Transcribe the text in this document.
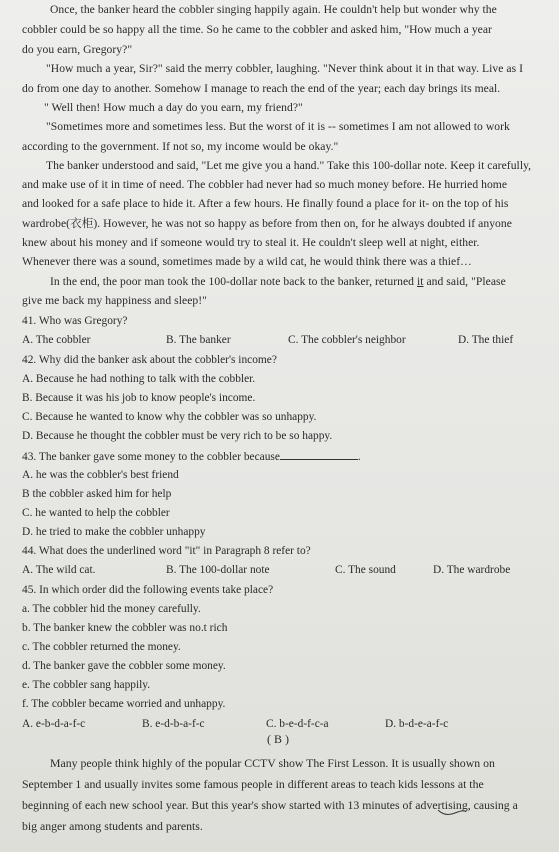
Once, the banker heard the cobbler singing happily again. He couldn't help but wonder why the
cobbler could be so happy all the time. So he came to the cobbler and asked him, "How much a year
do you earn, Gregory?"
"How much a year, Sir?" said the merry cobbler, laughing. "Never think about it in that way. Live as I
do from one day to another. Somehow I manage to reach the end of the year; each day brings its meal.
" Well then! How much a day do you earn, my friend?"
"Sometimes more and sometimes less. But the worst of it is -- sometimes I am not allowed to work
according to the government. If not so, my income would be okay."
The banker understood and said, "Let me give you a hand." Take this 100-dollar note. Keep it carefully,
and make use of it in time of need. The cobbler had never had so much money before. He hurried home
and looked for a safe place to hide it. After a few hours. He finally found a place for it- on the top of his
wardrobe(衣柜). However, he was not so happy as before from then on, for he always doubted if anyone
knew about his money and if someone would try to steal it. He couldn't sleep well at night, either.
Whenever there was a sound, sometimes made by a wild cat, he would think there was a thief…
In the end, the poor man took the 100-dollar note back to the banker, returned it and said, "Please
give me back my happiness and sleep!"
41. Who was Gregory?
A. The cobbler	B. The banker	C. The cobbler's neighbor	D. The thief
42. Why did the banker ask about the cobbler's income?
A. Because he had nothing to talk with the cobbler.
B. Because it was his job to know people's income.
C. Because he wanted to know why the cobbler was so unhappy.
D. Because he thought the cobbler must be very rich to be so happy.
43. The banker gave some money to the cobbler because	.
A. he was the cobbler's best friend
B the cobbler asked him for help
C. he wanted to help the cobbler
D. he tried to make the cobbler unhappy
44. What does the underlined word "it" in Paragraph 8 refer to?
A. The wild cat.	B. The 100-dollar note	C. The sound	D. The wardrobe
45. In which order did the following events take place?
a. The cobbler hid the money carefully.
b. The banker knew the cobbler was no.t rich
c. The cobbler returned the money.
d. The banker gave the cobbler some money.
e. The cobbler sang happily.
f. The cobbler became worried and unhappy.
A. e-b-d-a-f-c	B. e-d-b-a-f-c	C. b-e-d-f-c-a	D. b-d-e-a-f-c
( B )
Many people think highly of the popular CCTV show The First Lesson. It is usually shown on
September 1 and usually invites some famous people in different areas to teach kids lessons at the
beginning of each new school year. But this year's show started with 13 minutes of advertising, causing a
big anger among students and parents.
